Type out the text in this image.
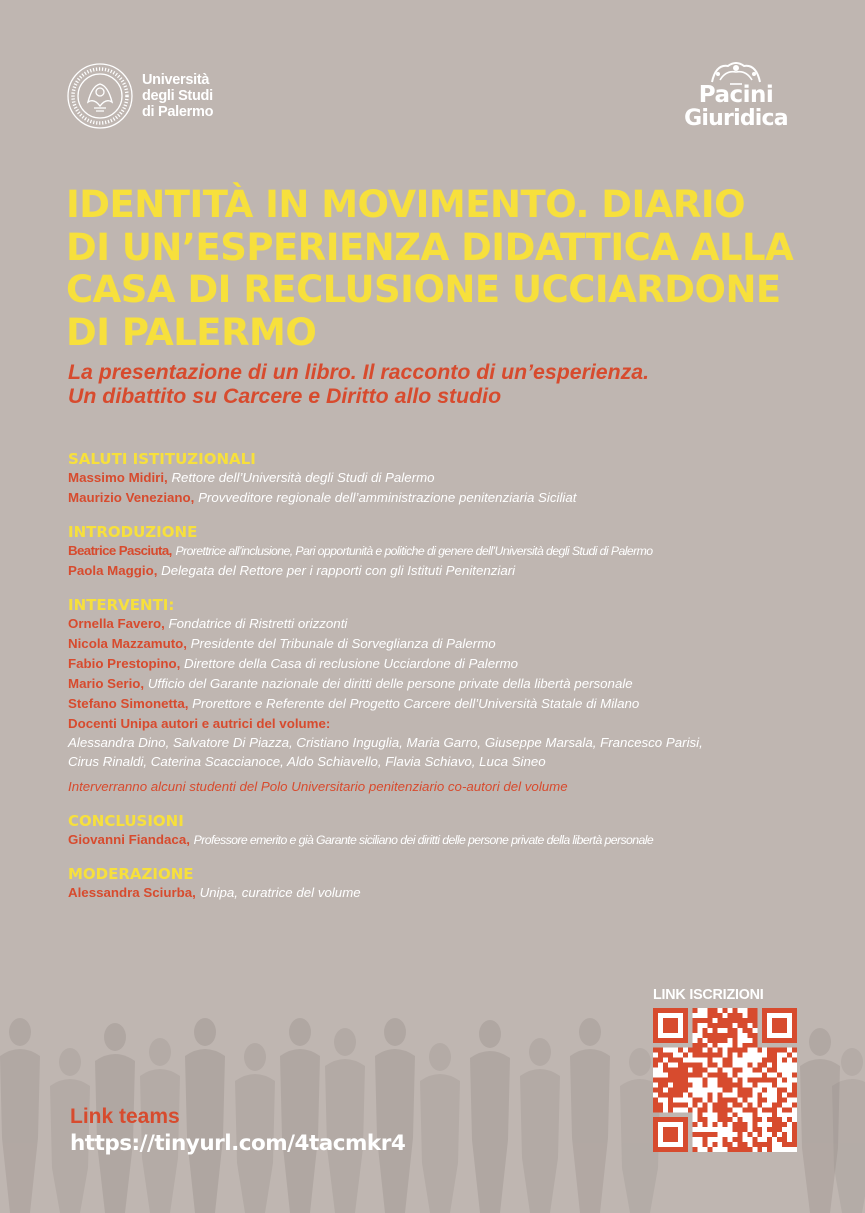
Università
degli Studi
di Palermo
Pacini
Giuridica
IDENTITÀ IN MOVIMENTO. DIARIO
DI UN’ESPERIENZA DIDATTICA ALLA
CASA DI RECLUSIONE UCCIARDONE
DI PALERMO
La presentazione di un libro. Il racconto di un’esperienza.
Un dibattito su Carcere e Diritto allo studio
SALUTI ISTITUZIONALI
Massimo Midiri, Rettore dell’Università degli Studi di Palermo
Maurizio Veneziano, Provveditore regionale dell’amministrazione penitenziaria Siciliat
INTRODUZIONE
Beatrice Pasciuta, Prorettrice all’inclusione, Pari opportunità e politiche di genere dell’Università degli Studi di Palermo
Paola Maggio, Delegata del Rettore per i rapporti con gli Istituti Penitenziari
INTERVENTI:
Ornella Favero, Fondatrice di Ristretti orizzonti
Nicola Mazzamuto, Presidente del Tribunale di Sorveglianza di Palermo
Fabio Prestopino, Direttore della Casa di reclusione Ucciardone di Palermo
Mario Serio, Ufficio del Garante nazionale dei diritti delle persone private della libertà personale
Stefano Simonetta, Prorettore e Referente del Progetto Carcere dell’Università Statale di Milano
Docenti Unipa autori e autrici del volume:
Alessandra Dino, Salvatore Di Piazza, Cristiano Inguglia, Maria Garro, Giuseppe Marsala, Francesco Parisi,
Cirus Rinaldi, Caterina Scaccianoce, Aldo Schiavello, Flavia Schiavo, Luca Sineo
Interverranno alcuni studenti del Polo Universitario penitenziario co-autori del volume
CONCLUSIONI
Giovanni Fiandaca, Professore emerito e già Garante siciliano dei diritti delle persone private della libertà personale
MODERAZIONE
Alessandra Sciurba, Unipa, curatrice del volume
Link teams
https://tinyurl.com/4tacmkr4
LINK ISCRIZIONI
